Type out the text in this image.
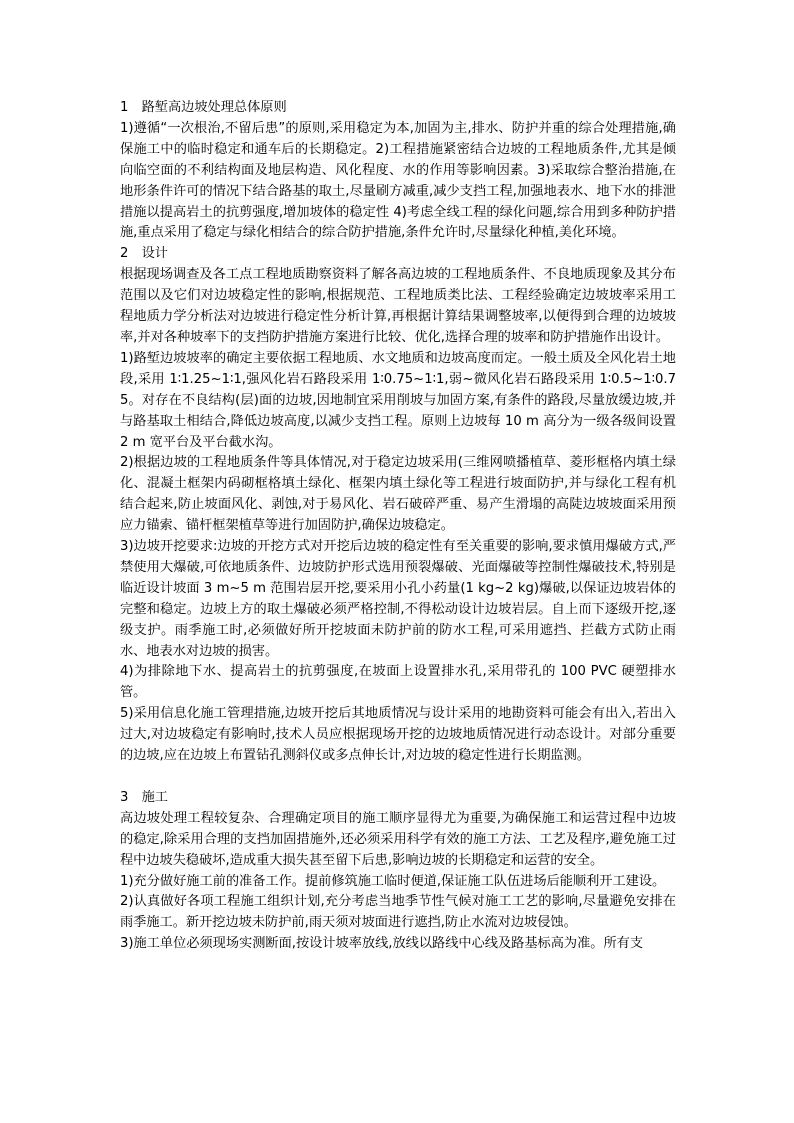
1　路堑高边坡处理总体原则

1)遵循“一次根治,不留后患”的原则,采用稳定为本,加固为主,排水、防护并重的综合处理措施,确保施工中的临时稳定和通车后的长期稳定。2)工程措施紧密结合边坡的工程地质条件,尤其是倾向临空面的不利结构面及地层构造、风化程度、水的作用等影响因素。3)采取综合整治措施,在地形条件许可的情况下结合路基的取土,尽量刷方减重,减少支挡工程,加强地表水、地下水的排泄措施以提高岩土的抗剪强度,增加坡体的稳定性 4)考虑全线工程的绿化问题,综合用到多种防护措施,重点采用了稳定与绿化相结合的综合防护措施,条件允许时,尽量绿化种植,美化环境。

2　设计

根据现场调查及各工点工程地质勘察资料了解各高边坡的工程地质条件、不良地质现象及其分布范围以及它们对边坡稳定性的影响,根据规范、工程地质类比法、工程经验确定边坡坡率采用工程地质力学分析法对边坡进行稳定性分析计算,再根据计算结果调整坡率,以便得到合理的边坡坡率,并对各种坡率下的支挡防护措施方案进行比较、优化,选择合理的坡率和防护措施作出设计。

1)路堑边坡坡率的确定主要依据工程地质、水文地质和边坡高度而定。一般土质及全风化岩土地段,采用 1∶1.25~1∶1,强风化岩石路段采用 1∶0.75~1∶1,弱~微风化岩石路段采用 1∶0.5~1∶0.75。对存在不良结构(层)面的边坡,因地制宜采用削坡与加固方案,有条件的路段,尽量放缓边坡,并与路基取土相结合,降低边坡高度,以减少支挡工程。原则上边坡每 10 m 高分为一级各级间设置 2 m 宽平台及平台截水沟。

2)根据边坡的工程地质条件等具体情况,对于稳定边坡采用(三维网喷播植草、菱形框格内填土绿化、混凝土框架内码砌框格填土绿化、框架内填土绿化等工程进行坡面防护,并与绿化工程有机结合起来,防止坡面风化、剥蚀,对于易风化、岩石破碎严重、易产生滑塌的高陡边坡坡面采用预应力锚索、锚杆框架植草等进行加固防护,确保边坡稳定。

3)边坡开挖要求:边坡的开挖方式对开挖后边坡的稳定性有至关重要的影响,要求慎用爆破方式,严禁使用大爆破,可依地质条件、边坡防护形式选用预裂爆破、光面爆破等控制性爆破技术,特别是临近设计坡面 3 m~5 m 范围岩层开挖,要采用小孔小药量(1 kg~2 kg)爆破,以保证边坡岩体的完整和稳定。边坡上方的取土爆破必须严格控制,不得松动设计边坡岩层。自上而下逐级开挖,逐级支护。雨季施工时,必须做好所开挖坡面未防护前的防水工程,可采用遮挡、拦截方式防止雨水、地表水对边坡的损害。

4)为排除地下水、提高岩土的抗剪强度,在坡面上设置排水孔,采用带孔的 100 PVC 硬塑排水管。

5)采用信息化施工管理措施,边坡开挖后其地质情况与设计采用的地勘资料可能会有出入,若出入过大,对边坡稳定有影响时,技术人员应根据现场开挖的边坡地质情况进行动态设计。对部分重要的边坡,应在边坡上布置钻孔测斜仪或多点伸长计,对边坡的稳定性进行长期监测。

3　施工

高边坡处理工程较复杂、合理确定项目的施工顺序显得尤为重要,为确保施工和运营过程中边坡的稳定,除采用合理的支挡加固措施外,还必须采用科学有效的施工方法、工艺及程序,避免施工过程中边坡失稳破坏,造成重大损失甚至留下后患,影响边坡的长期稳定和运营的安全。

1)充分做好施工前的准备工作。提前修筑施工临时便道,保证施工队伍进场后能顺利开工建设。

2)认真做好各项工程施工组织计划,充分考虑当地季节性气候对施工工艺的影响,尽量避免安排在雨季施工。新开挖边坡未防护前,雨天须对坡面进行遮挡,防止水流对边坡侵蚀。

3)施工单位必须现场实测断面,按设计坡率放线,放线以路线中心线及路基标高为准。所有支
